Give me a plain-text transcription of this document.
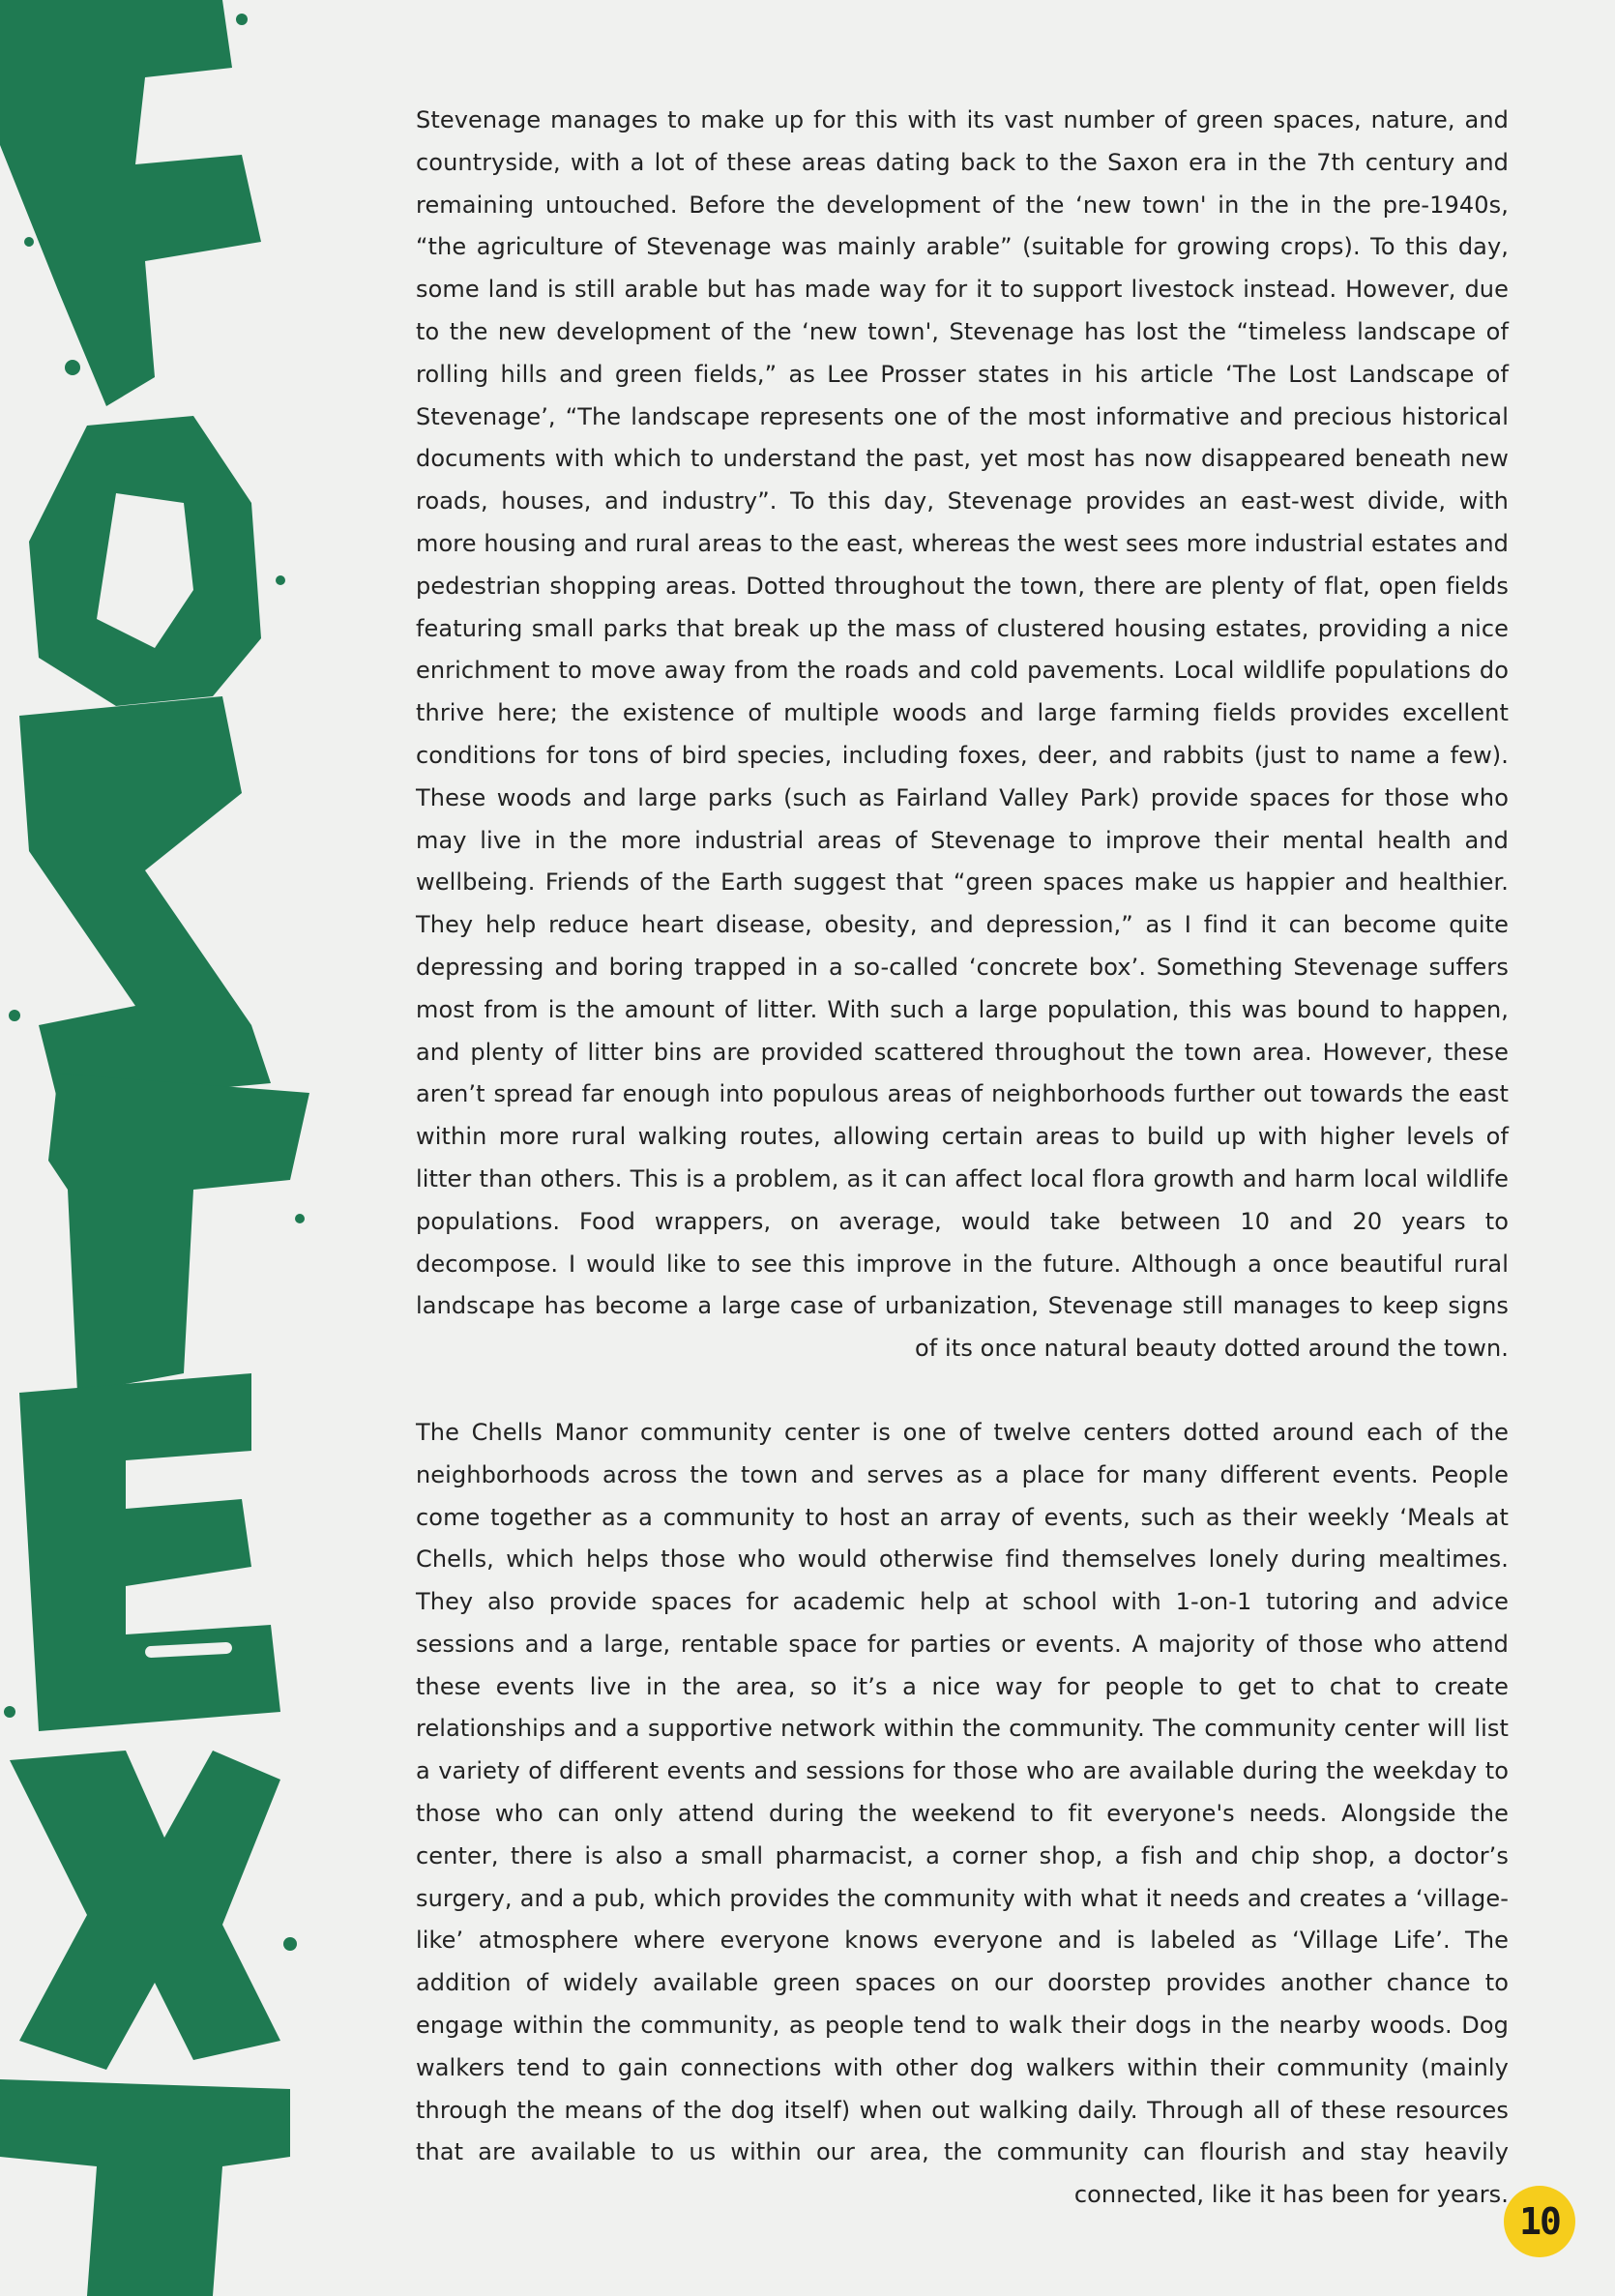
Stevenage manages to make up for this with its vast number of green spaces, nature, and countryside, with a lot of these areas dating back to the Saxon era in the 7th century and remaining untouched. Before the development of the ‘new town' in the in the pre-1940s, “the agriculture of Stevenage was mainly arable” (suitable for growing crops). To this day, some land is still arable but has made way for it to support livestock instead. However, due to the new development of the ‘new town', Stevenage has lost the “timeless landscape of rolling hills and green fields,” as Lee Prosser states in his article ‘The Lost Landscape of Stevenage’, “The landscape represents one of the most informative and precious historical documents with which to understand the past, yet most has now disappeared beneath new roads, houses, and industry”. To this day, Stevenage provides an east-west divide, with more housing and rural areas to the east, whereas the west sees more industrial estates and pedestrian shopping areas. Dotted throughout the town, there are plenty of flat, open fields featuring small parks that break up the mass of clustered housing estates, providing a nice enrichment to move away from the roads and cold pavements. Local wildlife populations do thrive here; the existence of multiple woods and large farming fields provides excellent conditions for tons of bird species, including foxes, deer, and rabbits (just to name a few). These woods and large parks (such as Fairland Valley Park) provide spaces for those who may live in the more industrial areas of Stevenage to improve their mental health and wellbeing. Friends of the Earth suggest that “green spaces make us happier and healthier. They help reduce heart disease, obesity, and depression,” as I find it can become quite depressing and boring trapped in a so-called ‘concrete box’. Something Stevenage suffers most from is the amount of litter. With such a large population, this was bound to happen, and plenty of litter bins are provided scattered throughout the town area. However, these aren’t spread far enough into populous areas of neighborhoods further out towards the east within more rural walking routes, allowing certain areas to build up with higher levels of litter than others. This is a problem, as it can affect local flora growth and harm local wildlife populations. Food wrappers, on average, would take between 10 and 20 years to decompose. I would like to see this improve in the future. Although a once beautiful rural landscape has become a large case of urbanization, Stevenage still manages to keep signs of its once natural beauty dotted around the town.

The Chells Manor community center is one of twelve centers dotted around each of the neighborhoods across the town and serves as a place for many different events. People come together as a community to host an array of events, such as their weekly ‘Meals at Chells, which helps those who would otherwise find themselves lonely during mealtimes. They also provide spaces for academic help at school with 1-on-1 tutoring and advice sessions and a large, rentable space for parties or events. A majority of those who attend these events live in the area, so it’s a nice way for people to get to chat to create relationships and a supportive network within the community. The community center will list a variety of different events and sessions for those who are available during the weekday to those who can only attend during the weekend to fit everyone's needs. Alongside the center, there is also a small pharmacist, a corner shop, a fish and chip shop, a doctor’s surgery, and a pub, which provides the community with what it needs and creates a ‘village-like’ atmosphere where everyone knows everyone and is labeled as ‘Village Life’. The addition of widely available green spaces on our doorstep provides another chance to engage within the community, as people tend to walk their dogs in the nearby woods. Dog walkers tend to gain connections with other dog walkers within their community (mainly through the means of the dog itself) when out walking daily. Through all of these resources that are available to us within our area, the community can flourish and stay heavily connected, like it has been for years.

10
